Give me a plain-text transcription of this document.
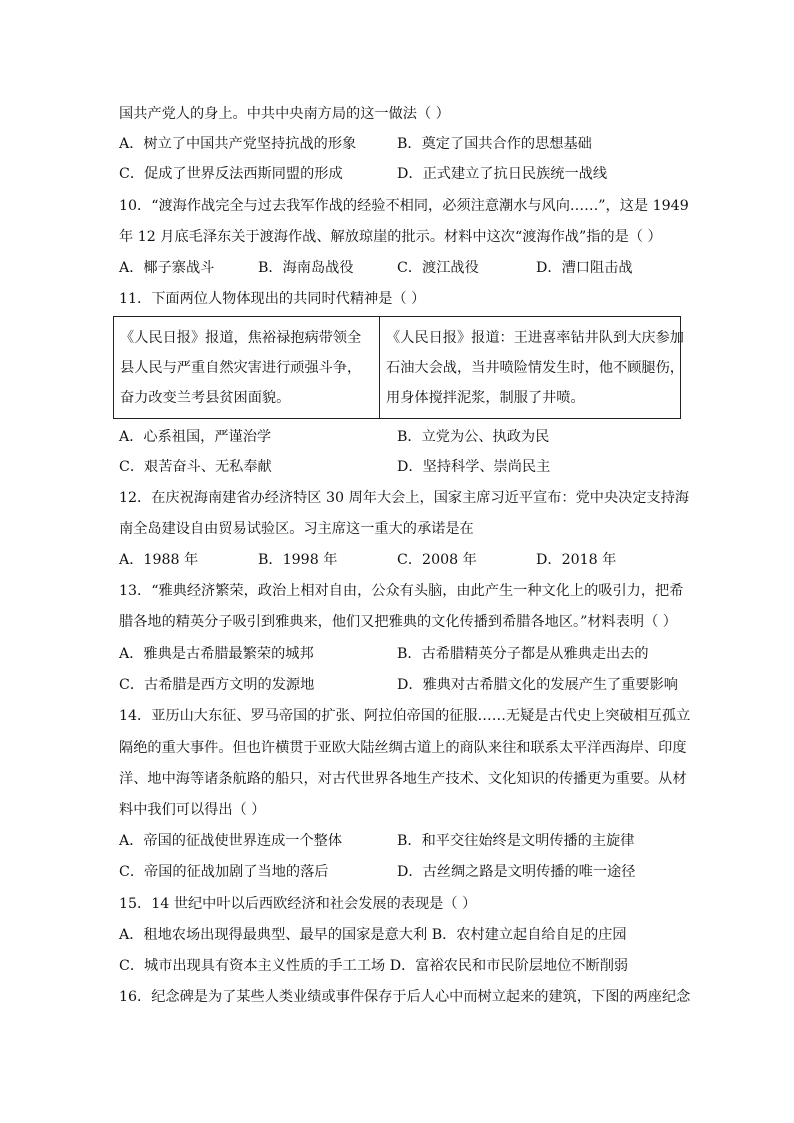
国共产党人的身上。中共中央南方局的这一做法（ ）
A．树立了中国共产党坚持抗战的形象	B．奠定了国共合作的思想基础
C．促成了世界反法西斯同盟的形成	D．正式建立了抗日民族统一战线
10．“渡海作战完全与过去我军作战的经验不相同，必须注意潮水与风向……”，这是 1949
年 12 月底毛泽东关于渡海作战、解放琼崖的批示。材料中这次“渡海作战”指的是（ ）
A．椰子寨战斗	B．海南岛战役	C．渡江战役	D．漕口阻击战
11．下面两位人物体现出的共同时代精神是（ ）
《人民日报》报道，焦裕禄抱病带领全
县人民与严重自然灾害进行顽强斗争，
奋力改变兰考县贫困面貌。

《人民日报》报道：王进喜率钻井队到大庆参加
石油大会战，当井喷险情发生时，他不顾腿伤，
用身体搅拌泥浆，制服了井喷。
A．心系祖国，严谨治学	B．立党为公、执政为民
C．艰苦奋斗、无私奉献	D．坚持科学、崇尚民主
12．在庆祝海南建省办经济特区 30 周年大会上，国家主席习近平宣布：党中央决定支持海
南全岛建设自由贸易试验区。习主席这一重大的承诺是在
A．1988 年	B．1998 年	C．2008 年	D．2018 年
13．“雅典经济繁荣，政治上相对自由，公众有头脑，由此产生一种文化上的吸引力，把希
腊各地的精英分子吸引到雅典来，他们又把雅典的文化传播到希腊各地区。”材料表明（ ）
A．雅典是古希腊最繁荣的城邦	B．古希腊精英分子都是从雅典走出去的
C．古希腊是西方文明的发源地	D．雅典对古希腊文化的发展产生了重要影响
14．亚历山大东征、罗马帝国的扩张、阿拉伯帝国的征服……无疑是古代史上突破相互孤立
隔绝的重大事件。但也许横贯于亚欧大陆丝绸古道上的商队来往和联系太平洋西海岸、印度
洋、地中海等诸条航路的船只，对古代世界各地生产技术、文化知识的传播更为重要。从材
料中我们可以得出（ ）
A．帝国的征战使世界连成一个整体	B．和平交往始终是文明传播的主旋律
C．帝国的征战加剧了当地的落后	D．古丝绸之路是文明传播的唯一途径
15．14 世纪中叶以后西欧经济和社会发展的表现是（ ）
A．租地农场出现得最典型、最早的国家是意大利 B．农村建立起自给自足的庄园
C．城市出现具有资本主义性质的手工工场 D．富裕农民和市民阶层地位不断削弱
16．纪念碑是为了某些人类业绩或事件保存于后人心中而树立起来的建筑，下图的两座纪念
